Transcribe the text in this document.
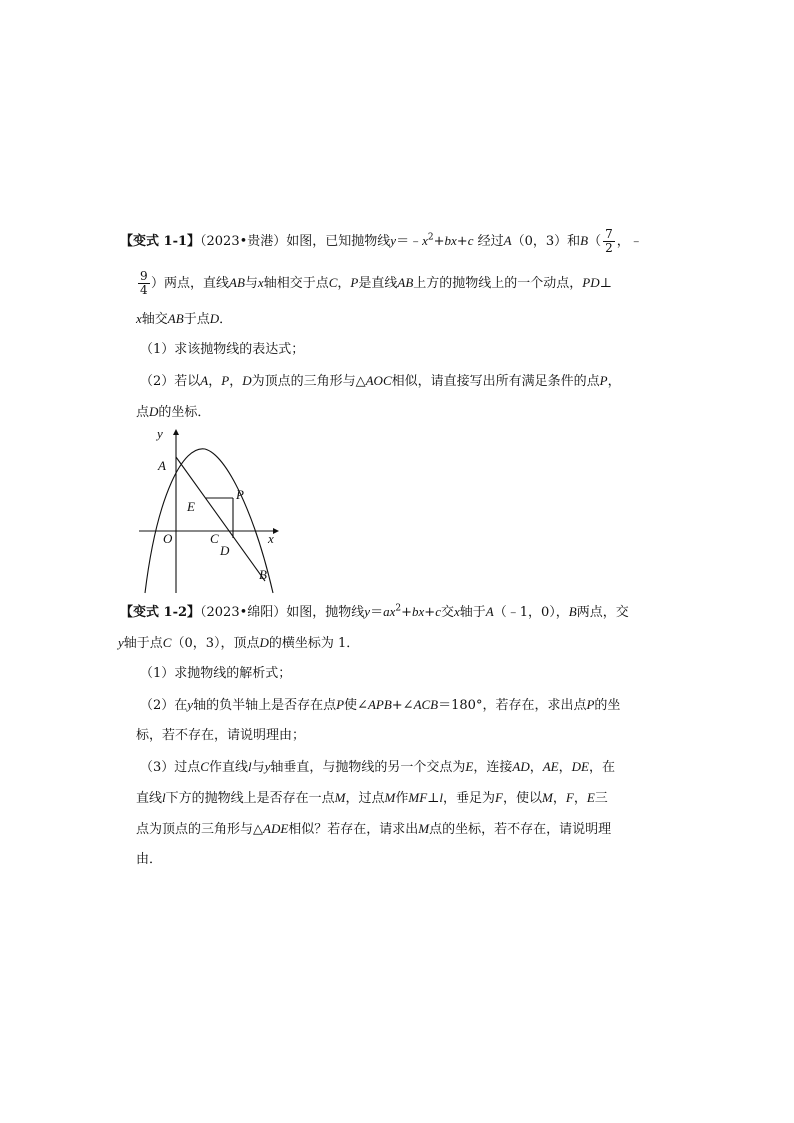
【变式 1-1】（2023•贵港）如图，已知抛物线$y=﹣x^2+bx+c$ 经过A（0，3）和$B( \frac{7}{2}$ ，﹣
$\frac{9}{4}$ ）两点，直线AB与x轴相交于点C，P是直线AB上方的抛物线上的一个动点，PD⊥
x轴交AB于点D．
（1）求该抛物线的表达式；
（2）若以A，P，D为顶点的三角形与△AOC相似，请直接写出所有满足条件的点P，
点D的坐标．
y
A
P
E
O	C
D
x
B
【变式 1-2】（2023•绵阳）如图，抛物线$y=ax^2+bx+c$交x轴于A（﹣1，0），B两点，交
y轴于点C（0，3），顶点D的横坐标为 1．
（1）求抛物线的解析式；
（2）在y轴的负半轴上是否存在点P使∠APB+∠ACB＝180°，若存在，求出点P的坐
标，若不存在，请说明理由；
（3）过点C作直线l与y轴垂直，与抛物线的另一个交点为E，连接AD，AE，DE，在
直线l下方的抛物线上是否存在一点M，过点M作MF⊥l，垂足为F，使以M，F，E三
点为顶点的三角形与△ADE相似？若存在，请求出M点的坐标，若不存在，请说明理
由．
